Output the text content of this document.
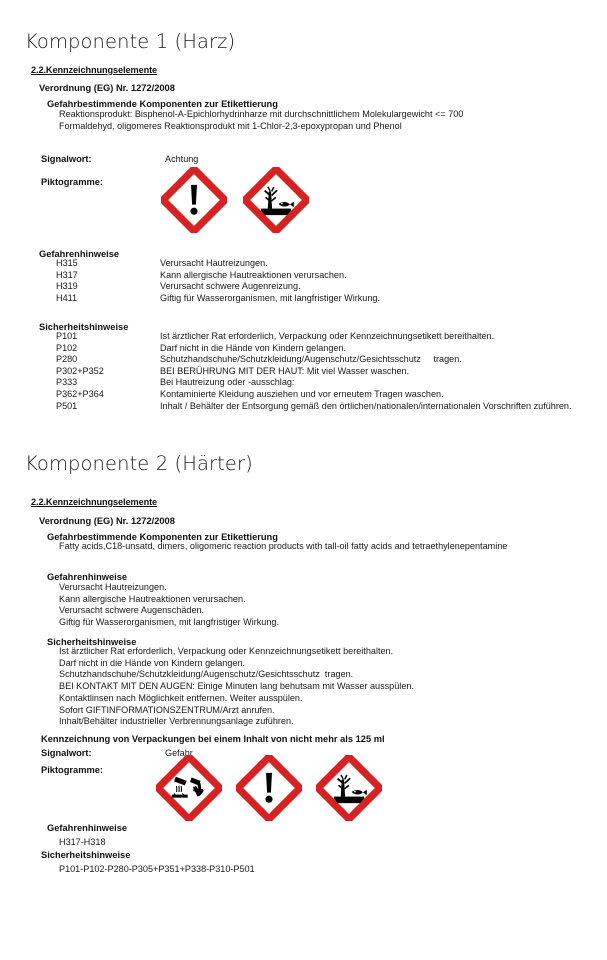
Komponente 1 (Harz)
2.2.Kennzeichnungselemente
Verordnung (EG) Nr. 1272/2008
Gefahrbestimmende Komponenten zur Etikettierung
Reaktionsprodukt: Bisphenol-A-Epichlorhydrinharze mit durchschnittlichem Molekulargewicht <= 700
Formaldehyd, oligomeres Reaktionsprodukt mit 1-Chlor-2,3-epoxypropan und Phenol
Signalwort:	Achtung
Piktogramme:
Gefahrenhinweise
H315	Verursacht Hautreizungen.
H317	Kann allergische Hautreaktionen verursachen.
H319	Verursacht schwere Augenreizung.
H411	Giftig für Wasserorganismen, mit langfristiger Wirkung.
Sicherheitshinweise
P101	Ist ärztlicher Rat erforderlich, Verpackung oder Kennzeichnungsetikett bereithalten.
P102	Darf nicht in die Hände von Kindern gelangen.
P280	Schutzhandschuhe/Schutzkleidung/Augenschutz/Gesichtsschutz     tragen.
P302+P352	BEI BERÜHRUNG MIT DER HAUT: Mit viel Wasser waschen.
P333	Bei Hautreizung oder -ausschlag:
P362+P364	Kontaminierte Kleidung ausziehen und vor erneutem Tragen waschen.
P501	Inhalt / Behälter der Entsorgung gemäß den örtlichen/nationalen/internationalen Vorschriften zuführen.
Komponente 2 (Härter)
2.2.Kennzeichnungselemente
Verordnung (EG) Nr. 1272/2008
Gefahrbestimmende Komponenten zur Etikettierung
Fatty acids,C18-unsatd, dimers, oligomeric reaction products with tall-oil fatty acids and tetraethylenepentamine
Gefahrenhinweise
Verursacht Hautreizungen.
Kann allergische Hautreaktionen verursachen.
Verursacht schwere Augenschäden.
Giftig für Wasserorganismen, mit langfristiger Wirkung.
Sicherheitshinweise
Ist ärztlicher Rat erforderlich, Verpackung oder Kennzeichnungsetikett bereithalten.
Darf nicht in die Hände von Kindern gelangen.
Schutzhandschuhe/Schutzkleidung/Augenschutz/Gesichtsschutz  tragen.
BEI KONTAKT MIT DEN AUGEN: Einige Minuten lang behutsam mit Wasser ausspülen.
Kontaktlinsen nach Möglichkeit entfernen. Weiter ausspülen.
Sofort GIFTINFORMATIONSZENTRUM/Arzt anrufen.
Inhalt/Behälter industrieller Verbrennungsanlage zuführen.
Kennzeichnung von Verpackungen bei einem Inhalt von nicht mehr als 125 ml
Signalwort:	Gefahr
Piktogramme:
Gefahrenhinweise
H317-H318
Sicherheitshinweise
P101-P102-P280-P305+P351+P338-P310-P501
